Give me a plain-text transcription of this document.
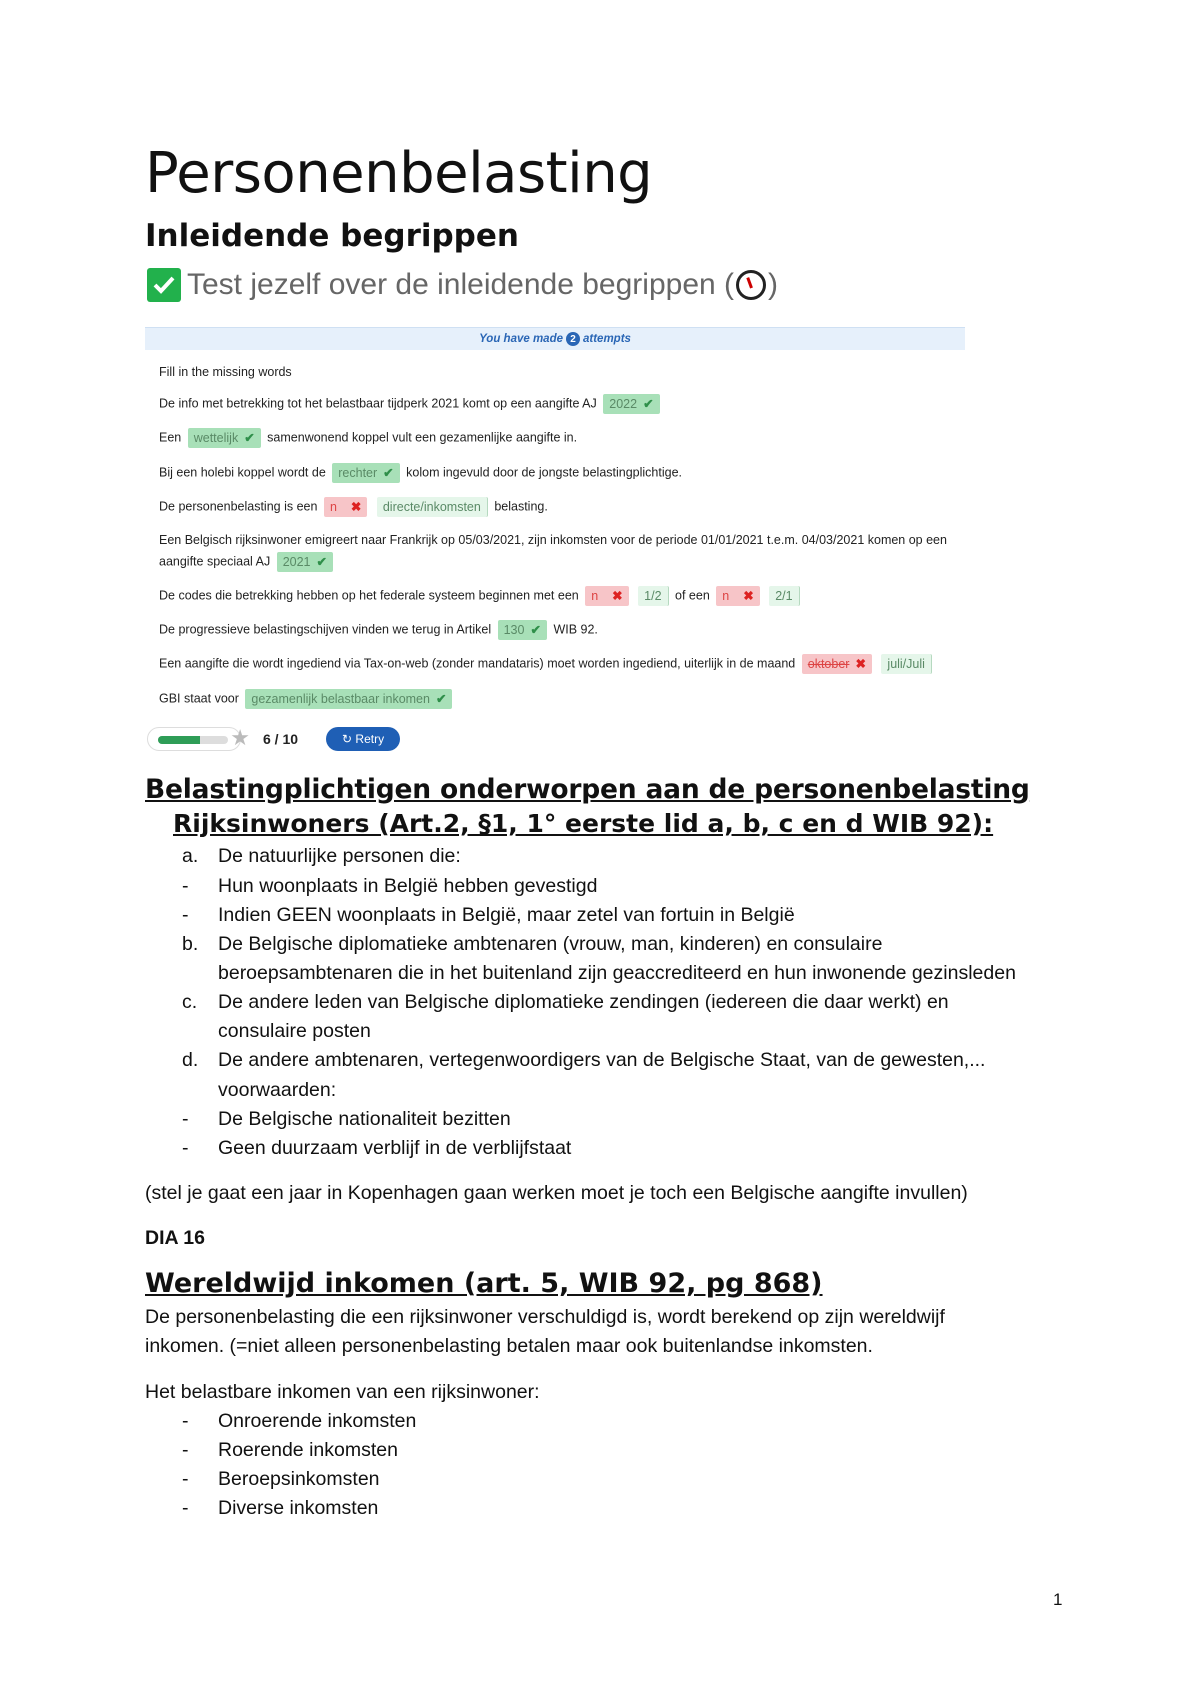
Personenbelasting
Inleidende begrippen
Test jezelf over de inleidende begrippen ( )
You have made 2 attempts
Fill in the missing words
De info met betrekking tot het belastbaar tijdperk 2021 komt op een aangifte AJ 2022 ✔
Een wettelijk ✔ samenwonend koppel vult een gezamenlijke aangifte in.
Bij een holebi koppel wordt de rechter ✔ kolom ingevuld door de jongste belastingplichtige.
De personenbelasting is een n ✖ directe/inkomsten belasting.
Een Belgisch rijksinwoner emigreert naar Frankrijk op 05/03/2021, zijn inkomsten voor de periode 01/01/2021 t.e.m. 04/03/2021 komen op een
aangifte speciaal AJ 2021 ✔
De codes die betrekking hebben op het federale systeem beginnen met een n ✖ 1/2 of een n ✖ 2/1
De progressieve belastingschijven vinden we terug in Artikel 130 ✔ WIB 92.
Een aangifte die wordt ingediend via Tax-on-web (zonder mandataris) moet worden ingediend, uiterlijk in de maand oktober ✖ juli/Juli
GBI staat voor gezamenlijk belastbaar inkomen ✔
★ 6 / 10	↻ Retry
Belastingplichtigen onderworpen aan de personenbelasting
Rijksinwoners (Art.2, §1, 1° eerste lid a, b, c en d WIB 92):
a. De natuurlijke personen die:
- Hun woonplaats in België hebben gevestigd
- Indien GEEN woonplaats in België, maar zetel van fortuin in België
b. De Belgische diplomatieke ambtenaren (vrouw, man, kinderen) en consulaire
beroepsambtenaren die in het buitenland zijn geaccrediteerd en hun inwonende gezinsleden
c. De andere leden van Belgische diplomatieke zendingen (iedereen die daar werkt) en
consulaire posten
d. De andere ambtenaren, vertegenwoordigers van de Belgische Staat, van de gewesten,...
voorwaarden:
- De Belgische nationaliteit bezitten
- Geen duurzaam verblijf in de verblijfstaat
(stel je gaat een jaar in Kopenhagen gaan werken moet je toch een Belgische aangifte invullen)
DIA 16
Wereldwijd inkomen (art. 5, WIB 92, pg 868)
De personenbelasting die een rijksinwoner verschuldigd is, wordt berekend op zijn wereldwijf
inkomen. (=niet alleen personenbelasting betalen maar ook buitenlandse inkomsten.
Het belastbare inkomen van een rijksinwoner:
- Onroerende inkomsten
- Roerende inkomsten
- Beroepsinkomsten
- Diverse inkomsten
1
